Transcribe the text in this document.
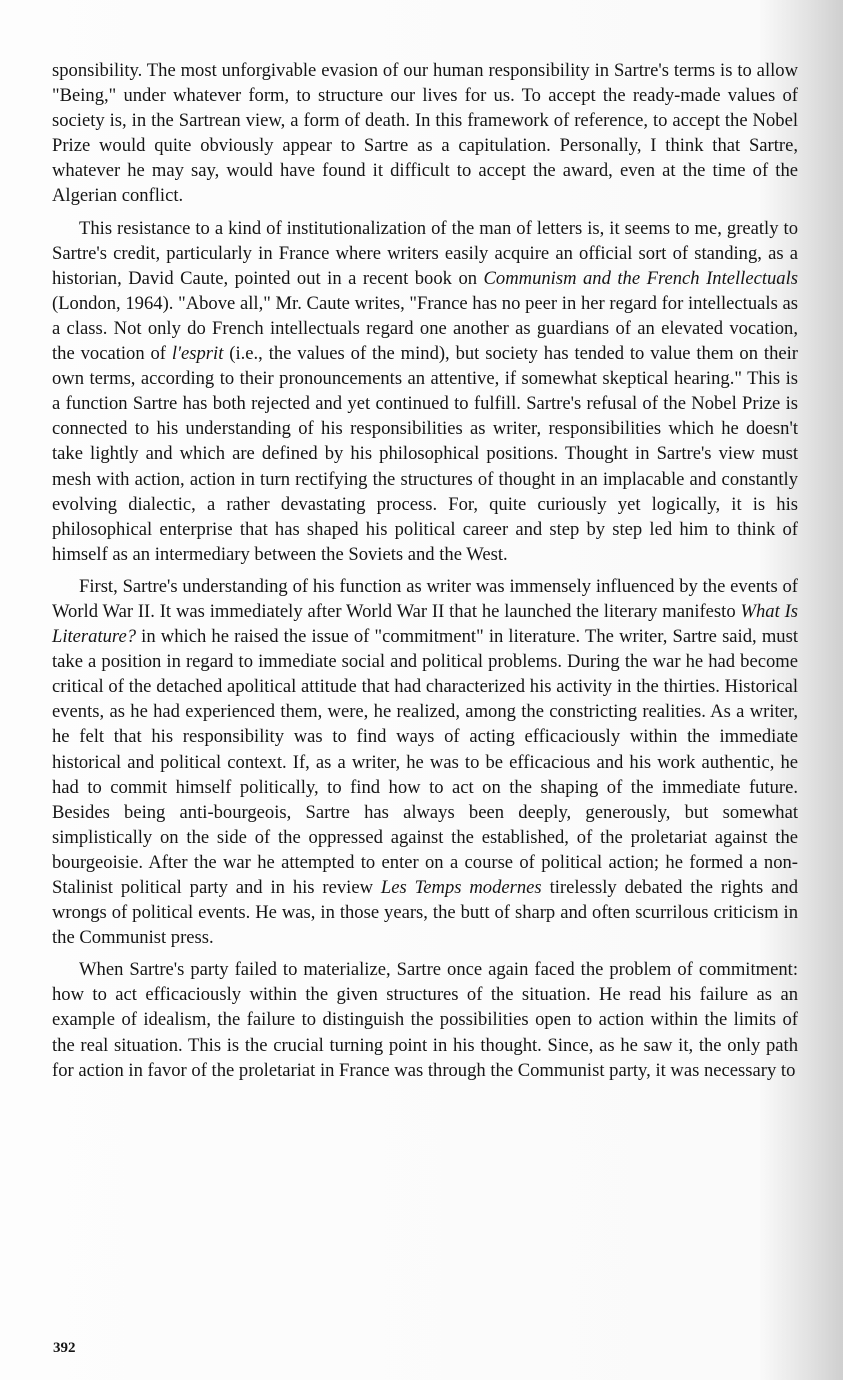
sponsibility. The most unforgivable evasion of our human responsibility in Sartre's terms is to allow "Being," under whatever form, to structure our lives for us. To accept the ready-made values of society is, in the Sartrean view, a form of death. In this framework of reference, to accept the Nobel Prize would quite obviously appear to Sartre as a capitulation. Personally, I think that Sartre, whatever he may say, would have found it difficult to accept the award, even at the time of the Algerian conflict.

This resistance to a kind of institutionalization of the man of letters is, it seems to me, greatly to Sartre's credit, particularly in France where writers easily acquire an official sort of standing, as a historian, David Caute, pointed out in a recent book on Communism and the French Intellectuals (London, 1964). "Above all," Mr. Caute writes, "France has no peer in her regard for intellectuals as a class. Not only do French intellectuals regard one another as guardians of an elevated vocation, the vocation of l'esprit (i.e., the values of the mind), but society has tended to value them on their own terms, according to their pronouncements an attentive, if somewhat skeptical hearing." This is a function Sartre has both rejected and yet continued to fulfill. Sartre's refusal of the Nobel Prize is connected to his understanding of his responsibilities as writer, responsibilities which he doesn't take lightly and which are defined by his philosophical positions. Thought in Sartre's view must mesh with action, action in turn rectifying the structures of thought in an implacable and constantly evolving dialectic, a rather devastating process. For, quite curiously yet logically, it is his philosophical enterprise that has shaped his political career and step by step led him to think of himself as an intermediary between the Soviets and the West.

First, Sartre's understanding of his function as writer was immensely influenced by the events of World War II. It was immediately after World War II that he launched the literary manifesto What Is Literature? in which he raised the issue of "commitment" in literature. The writer, Sartre said, must take a position in regard to immediate social and political problems. During the war he had become critical of the detached apolitical attitude that had characterized his activity in the thirties. Historical events, as he had experienced them, were, he realized, among the constricting realities. As a writer, he felt that his responsibility was to find ways of acting efficaciously within the immediate historical and political context. If, as a writer, he was to be efficacious and his work authentic, he had to commit himself politically, to find how to act on the shaping of the immediate future. Besides being anti-bourgeois, Sartre has always been deeply, generously, but somewhat simplistically on the side of the oppressed against the established, of the proletariat against the bourgeoisie. After the war he attempted to enter on a course of political action; he formed a non-Stalinist political party and in his review Les Temps modernes tirelessly debated the rights and wrongs of political events. He was, in those years, the butt of sharp and often scurrilous criticism in the Communist press.

When Sartre's party failed to materialize, Sartre once again faced the problem of commitment: how to act efficaciously within the given structures of the situation. He read his failure as an example of idealism, the failure to distinguish the possibilities open to action within the limits of the real situation. This is the crucial turning point in his thought. Since, as he saw it, the only path for action in favor of the proletariat in France was through the Communist party, it was necessary to

392
